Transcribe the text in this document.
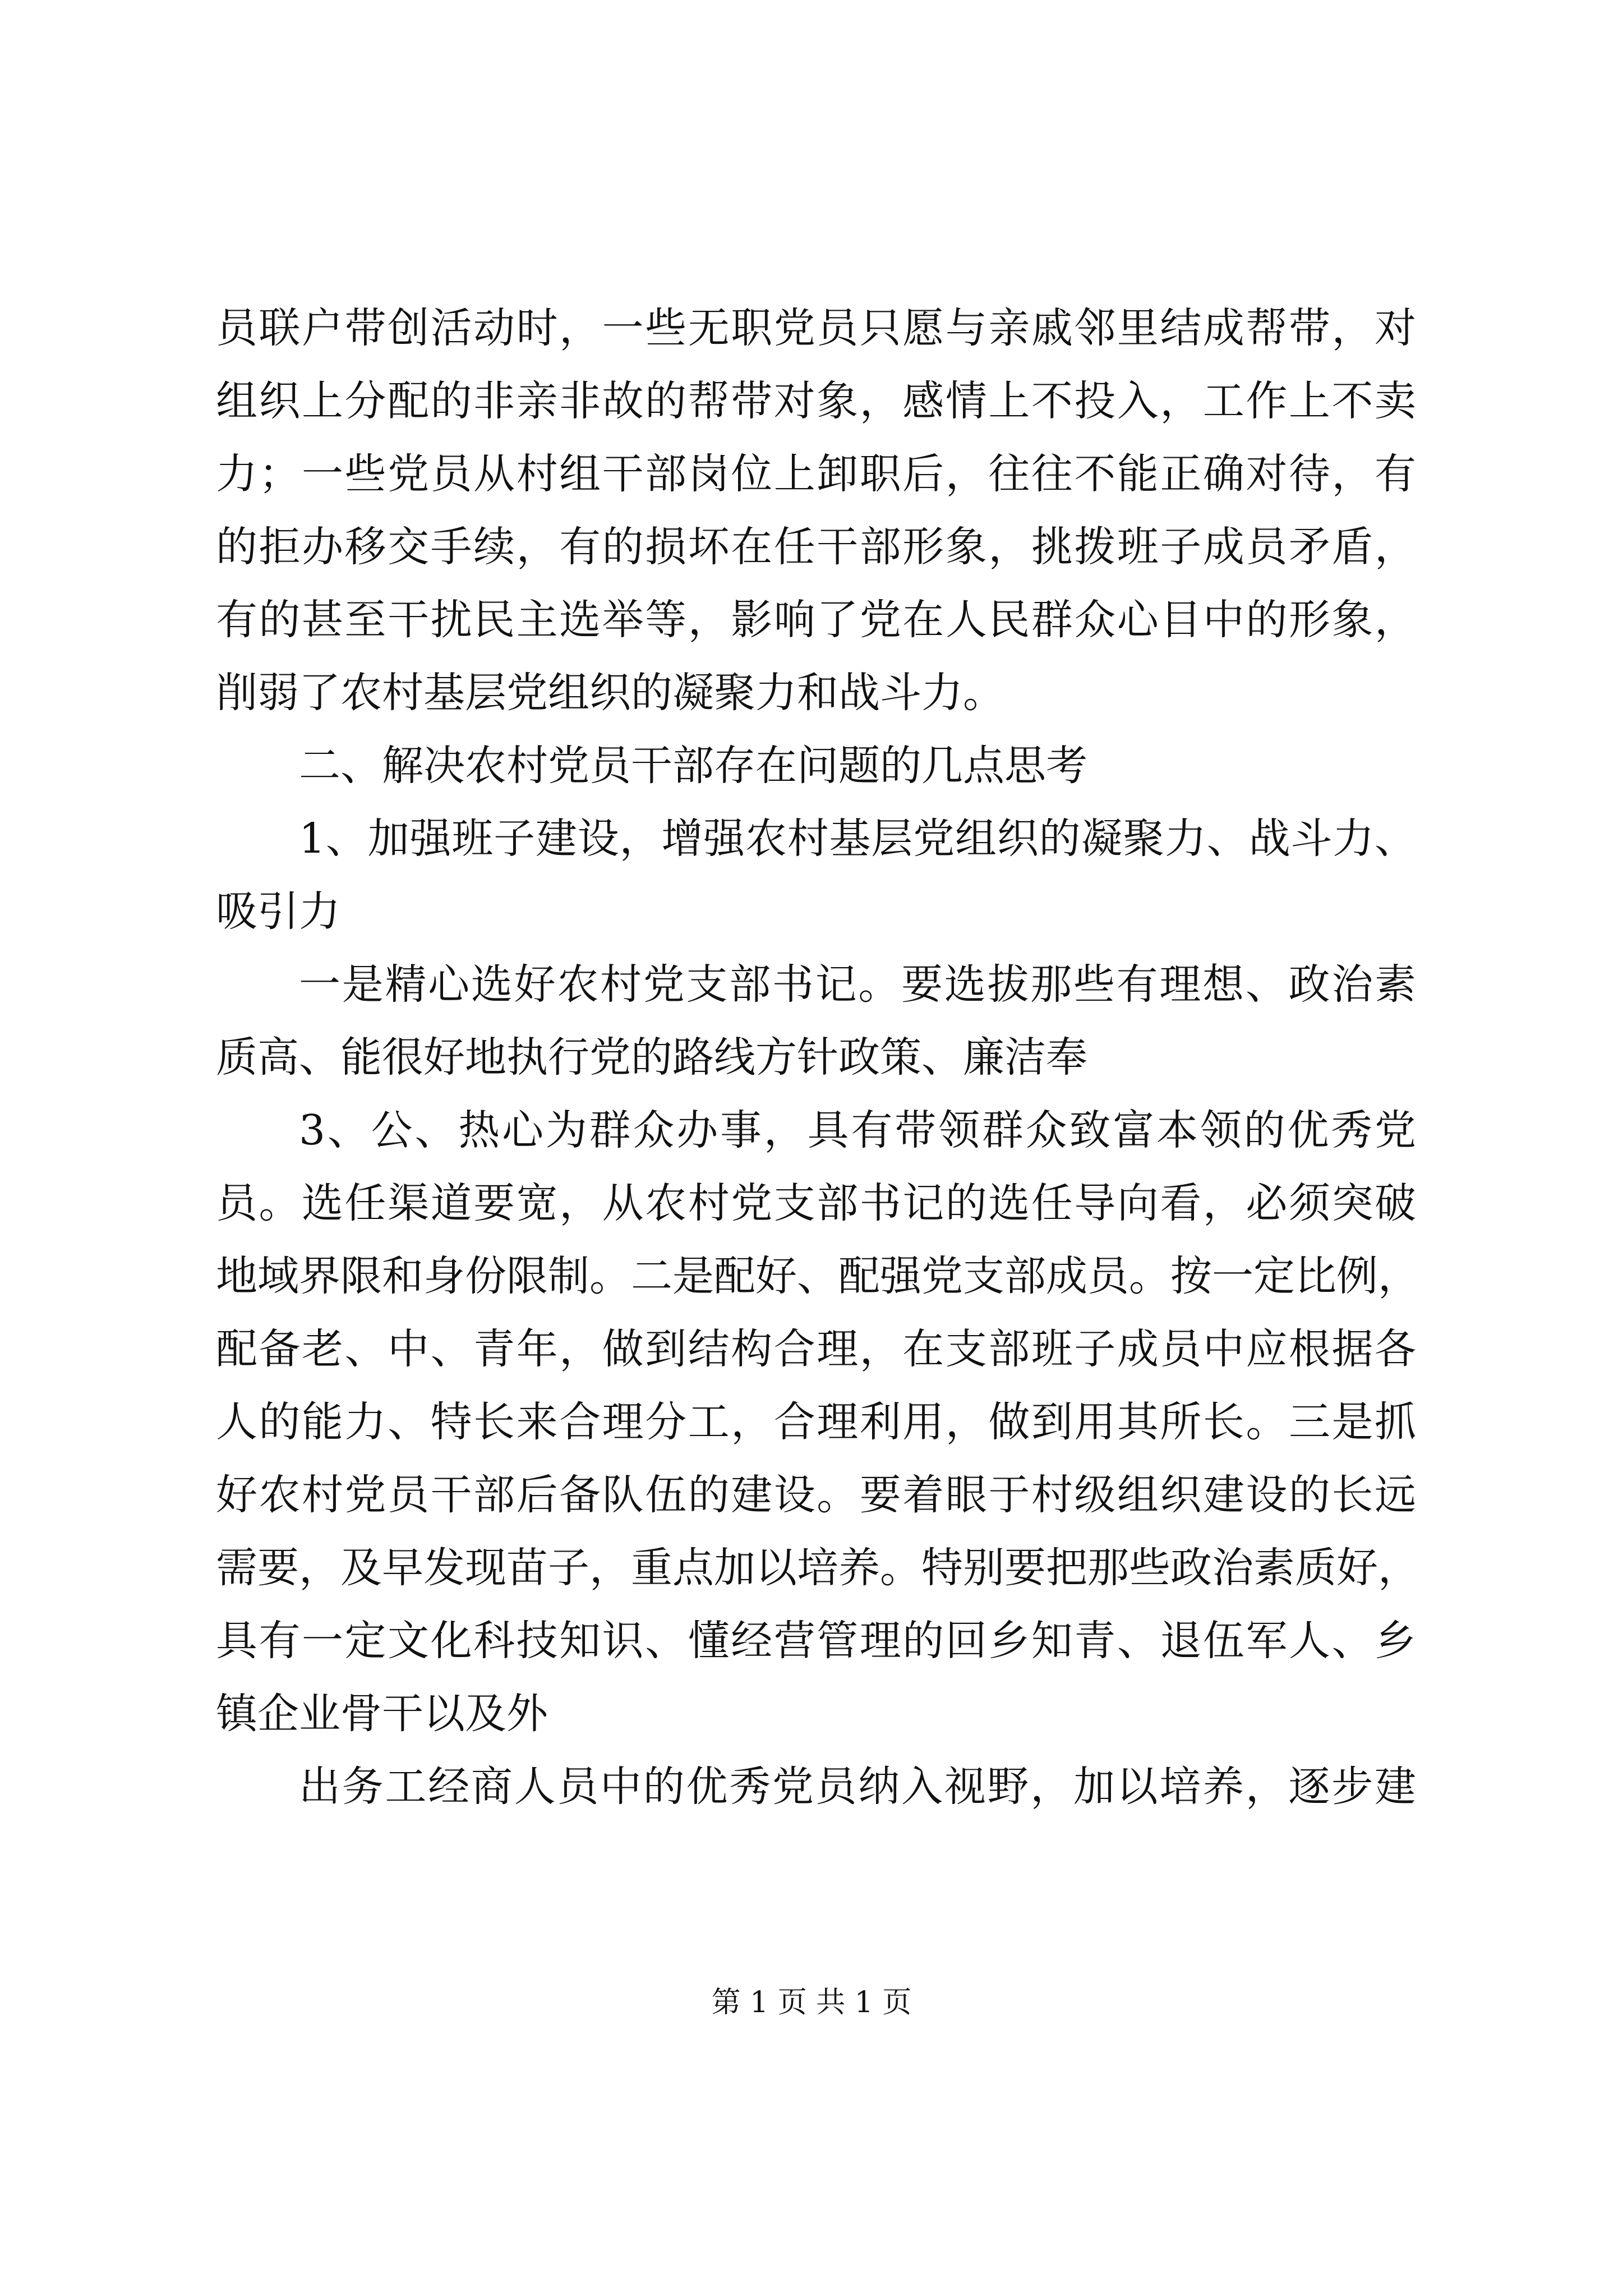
员联户带创活动时，一些无职党员只愿与亲戚邻里结成帮带，对
组织上分配的非亲非故的帮带对象，感情上不投入，工作上不卖
力；一些党员从村组干部岗位上卸职后，往往不能正确对待，有
的拒办移交手续，有的损坏在任干部形象，挑拨班子成员矛盾，
有的甚至干扰民主选举等，影响了党在人民群众心目中的形象，
削弱了农村基层党组织的凝聚力和战斗力。
二、解决农村党员干部存在问题的几点思考
1、加强班子建设，增强农村基层党组织的凝聚力、战斗力、
吸引力
一是精心选好农村党支部书记。要选拔那些有理想、政治素
质高、能很好地执行党的路线方针政策、廉洁奉
3、公、热心为群众办事，具有带领群众致富本领的优秀党
员。选任渠道要宽，从农村党支部书记的选任导向看，必须突破
地域界限和身份限制。二是配好、配强党支部成员。按一定比例，
配备老、中、青年，做到结构合理，在支部班子成员中应根据各
人的能力、特长来合理分工，合理利用，做到用其所长。三是抓
好农村党员干部后备队伍的建设。要着眼于村级组织建设的长远
需要，及早发现苗子，重点加以培养。特别要把那些政治素质好，
具有一定文化科技知识、懂经营管理的回乡知青、退伍军人、乡
镇企业骨干以及外
出务工经商人员中的优秀党员纳入视野，加以培养，逐步建
第 1 页 共 1 页
